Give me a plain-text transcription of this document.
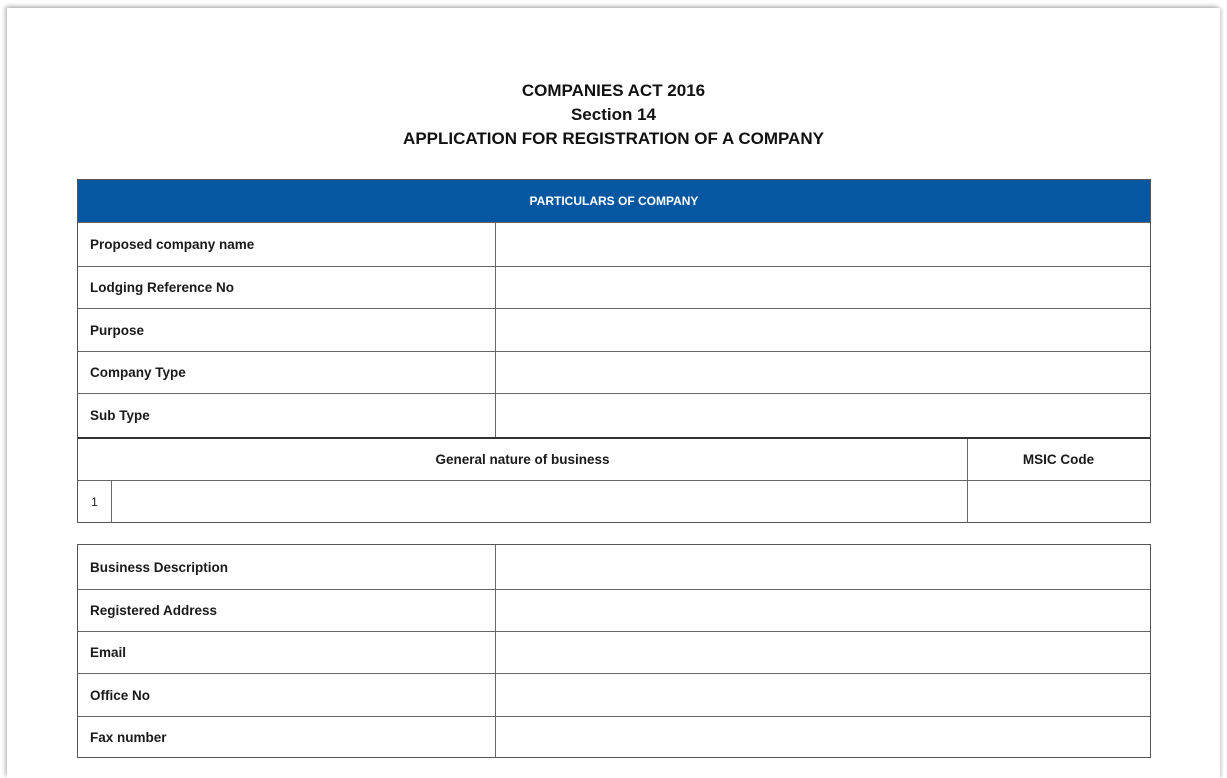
COMPANIES ACT 2016
Section 14
APPLICATION FOR REGISTRATION OF A COMPANY
PARTICULARS OF COMPANY
Proposed company name
Lodging Reference No
Purpose
Company Type
Sub Type
General nature of business	MSIC Code
1
Business Description
Registered Address
Email
Office No
Fax number
